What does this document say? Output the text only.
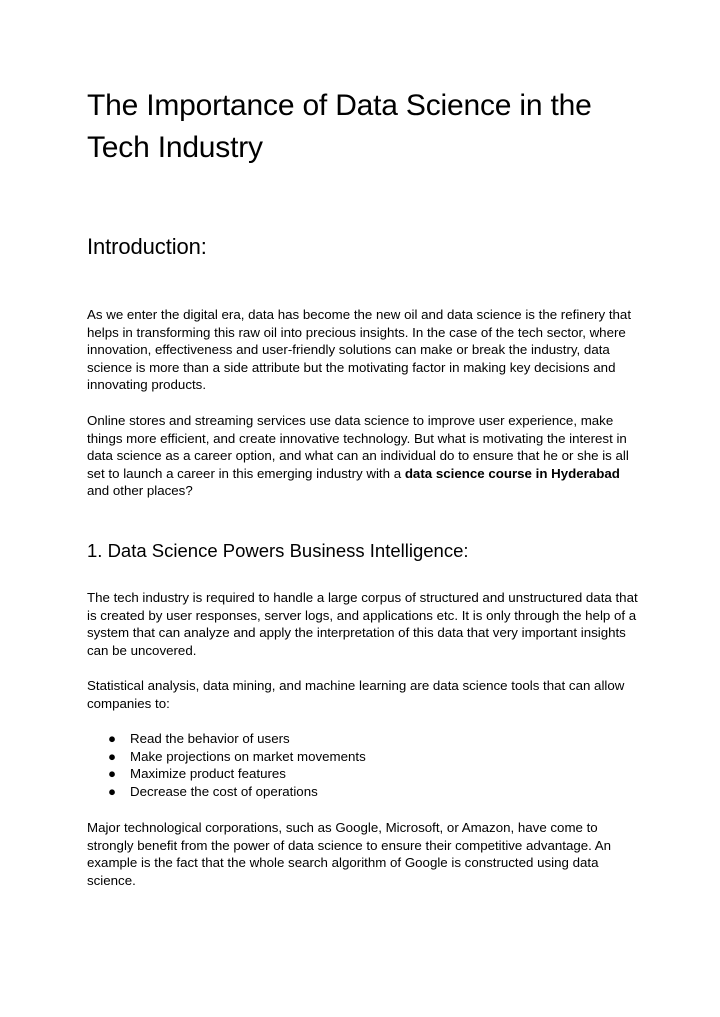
The Importance of Data Science in the Tech Industry
Introduction:

As we enter the digital era, data has become the new oil and data science is the refinery that helps in transforming this raw oil into precious insights. In the case of the tech sector, where innovation, effectiveness and user-friendly solutions can make or break the industry, data science is more than a side attribute but the motivating factor in making key decisions and innovating products.

Online stores and streaming services use data science to improve user experience, make things more efficient, and create innovative technology. But what is motivating the interest in data science as a career option, and what can an individual do to ensure that he or she is all set to launch a career in this emerging industry with a data science course in Hyderabad and other places?

1. Data Science Powers Business Intelligence:

The tech industry is required to handle a large corpus of structured and unstructured data that is created by user responses, server logs, and applications etc. It is only through the help of a system that can analyze and apply the interpretation of this data that very important insights can be uncovered.

Statistical analysis, data mining, and machine learning are data science tools that can allow companies to:

● Read the behavior of users
● Make projections on market movements
● Maximize product features
● Decrease the cost of operations

Major technological corporations, such as Google, Microsoft, or Amazon, have come to strongly benefit from the power of data science to ensure their competitive advantage. An example is the fact that the whole search algorithm of Google is constructed using data science.
